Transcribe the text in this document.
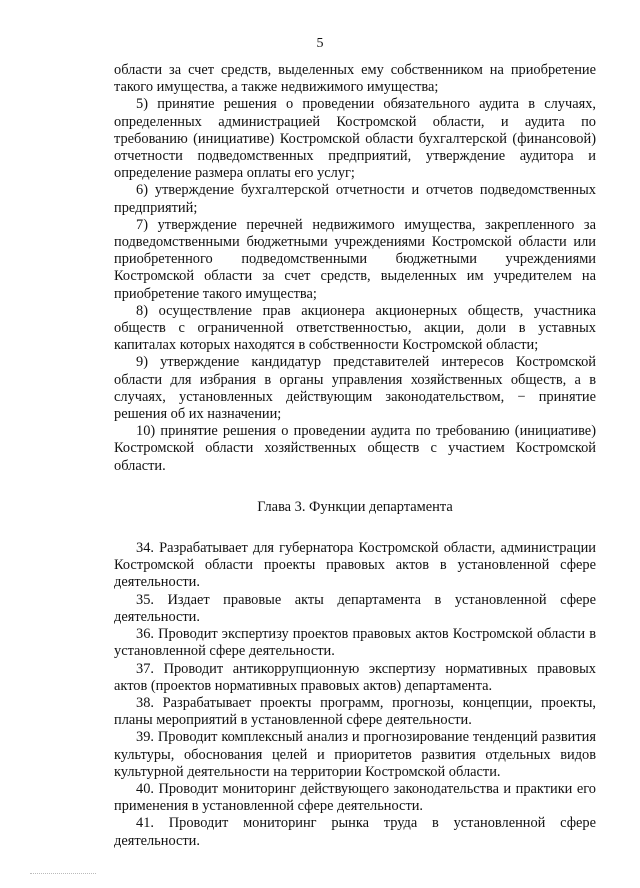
5

области за счет средств, выделенных ему собственником на приобретение такого имущества, а также недвижимого имущества;

5) принятие решения о проведении обязательного аудита в случаях, определенных администрацией Костромской области, и аудита по требованию (инициативе) Костромской области бухгалтерской (финансовой) отчетности подведомственных предприятий, утверждение аудитора и определение размера оплаты его услуг;

6) утверждение бухгалтерской отчетности и отчетов подведомственных предприятий;

7) утверждение перечней недвижимого имущества, закрепленного за подведомственными бюджетными учреждениями Костромской области или приобретенного подведомственными бюджетными учреждениями Костромской области за счет средств, выделенных им учредителем на приобретение такого имущества;

8) осуществление прав акционера акционерных обществ, участника обществ с ограниченной ответственностью, акции, доли в уставных капиталах которых находятся в собственности Костромской области;

9) утверждение кандидатур представителей интересов Костромской области для избрания в органы управления хозяйственных обществ, а в случаях, установленных действующим законодательством, − принятие решения об их назначении;

10) принятие решения о проведении аудита по требованию (инициативе) Костромской области хозяйственных обществ с участием Костромской области.

Глава 3. Функции департамента

34. Разрабатывает для губернатора Костромской области, администрации Костромской области проекты правовых актов в установленной сфере деятельности.

35. Издает правовые акты департамента в установленной сфере деятельности.

36. Проводит экспертизу проектов правовых актов Костромской области в установленной сфере деятельности.

37. Проводит антикоррупционную экспертизу нормативных правовых актов (проектов нормативных правовых актов) департамента.

38. Разрабатывает проекты программ, прогнозы, концепции, проекты, планы мероприятий в установленной сфере деятельности.

39. Проводит комплексный анализ и прогнозирование тенденций развития культуры, обоснования целей и приоритетов развития отдельных видов культурной деятельности на территории Костромской области.

40. Проводит мониторинг действующего законодательства и практики его применения в установленной сфере деятельности.

41. Проводит мониторинг рынка труда в установленной сфере деятельности.
